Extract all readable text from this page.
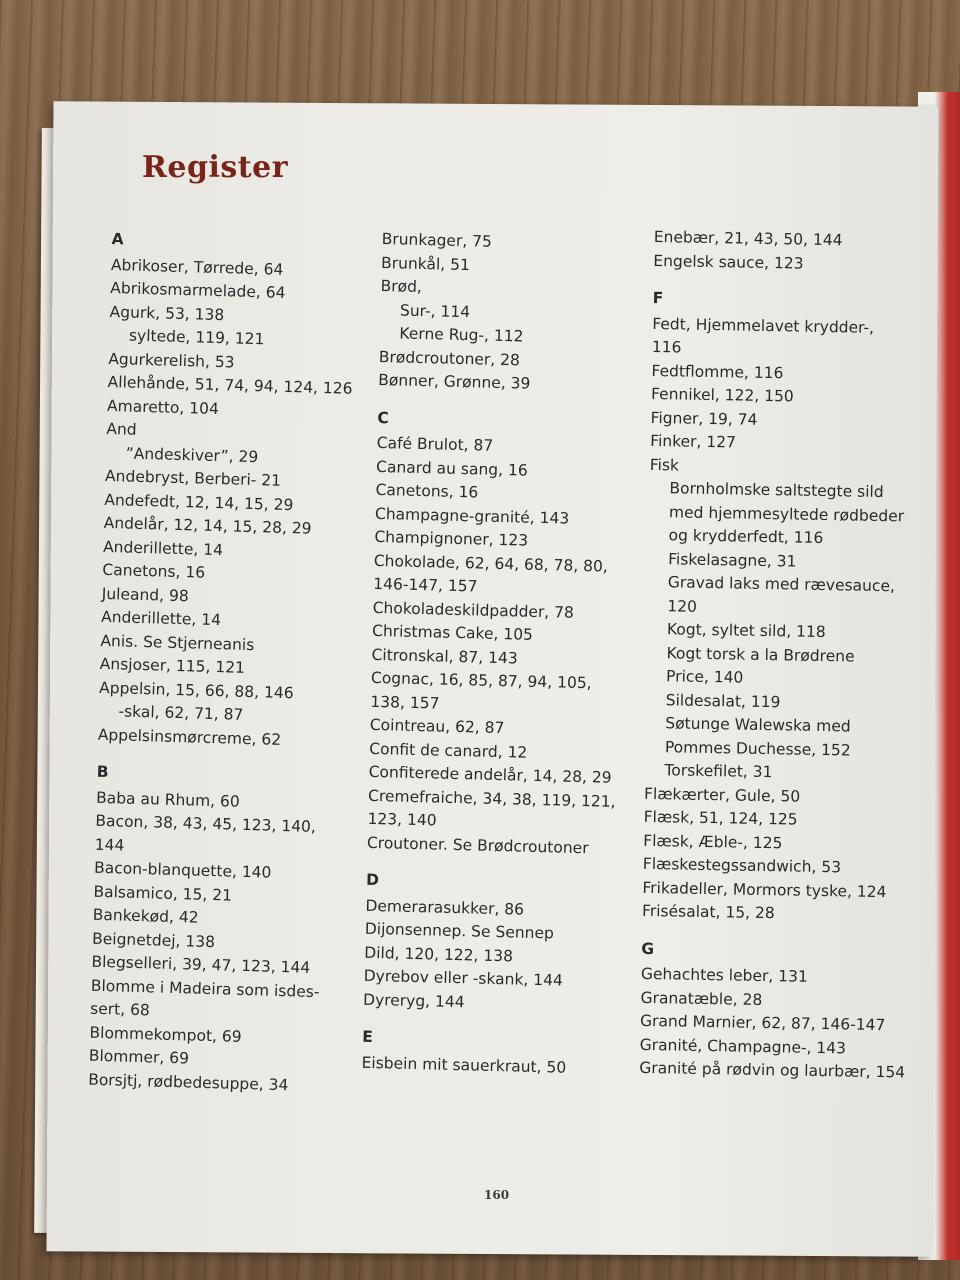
Register
A
Abrikoser, Tørrede, 64
Abrikosmarmelade, 64
Agurk, 53, 138
syltede, 119, 121
Agurkerelish, 53
Allehånde, 51, 74, 94, 124, 126
Amaretto, 104
And
”Andeskiver”, 29
Andebryst, Berberi- 21
Andefedt, 12, 14, 15, 29
Andelår, 12, 14, 15, 28, 29
Anderillette, 14
Canetons, 16
Juleand, 98
Anderillette, 14
Anis. Se Stjerneanis
Ansjoser, 115, 121
Appelsin, 15, 66, 88, 146
-skal, 62, 71, 87
Appelsinsmørcreme, 62
B
Baba au Rhum, 60
Bacon, 38, 43, 45, 123, 140,
144
Bacon-blanquette, 140
Balsamico, 15, 21
Bankekød, 42
Beignetdej, 138
Blegselleri, 39, 47, 123, 144
Blomme i Madeira som isdes-
sert, 68
Blommekompot, 69
Blommer, 69
Borsjtj, rødbedesuppe, 34
Brunkager, 75
Brunkål, 51
Brød,
Sur-, 114
Kerne Rug-, 112
Brødcroutoner, 28
Bønner, Grønne, 39
C
Café Brulot, 87
Canard au sang, 16
Canetons, 16
Champagne-granité, 143
Champignoner, 123
Chokolade, 62, 64, 68, 78, 80,
146-147, 157
Chokoladeskildpadder, 78
Christmas Cake, 105
Citronskal, 87, 143
Cognac, 16, 85, 87, 94, 105,
138, 157
Cointreau, 62, 87
Confit de canard, 12
Confiterede andelår, 14, 28, 29
Cremefraiche, 34, 38, 119, 121,
123, 140
Croutoner. Se Brødcroutoner
D
Demerarasukker, 86
Dijonsennep. Se Sennep
Dild, 120, 122, 138
Dyrebov eller -skank, 144
Dyreryg, 144
E
Eisbein mit sauerkraut, 50
Enebær, 21, 43, 50, 144
Engelsk sauce, 123
F
Fedt, Hjemmelavet krydder-,
116
Fedtflomme, 116
Fennikel, 122, 150
Figner, 19, 74
Finker, 127
Fisk
Bornholmske saltstegte sild
med hjemmesyltede rødbeder
og krydderfedt, 116
Fiskelasagne, 31
Gravad laks med rævesauce,
120
Kogt, syltet sild, 118
Kogt torsk a la Brødrene
Price, 140
Sildesalat, 119
Søtunge Walewska med
Pommes Duchesse, 152
Torskefilet, 31
Flækærter, Gule, 50
Flæsk, 51, 124, 125
Flæsk, Æble-, 125
Flæskestegssandwich, 53
Frikadeller, Mormors tyske, 124
Frisésalat, 15, 28
G
Gehachtes leber, 131
Granatæble, 28
Grand Marnier, 62, 87, 146-147
Granité, Champagne-, 143
Granité på rødvin og laurbær, 154
160
